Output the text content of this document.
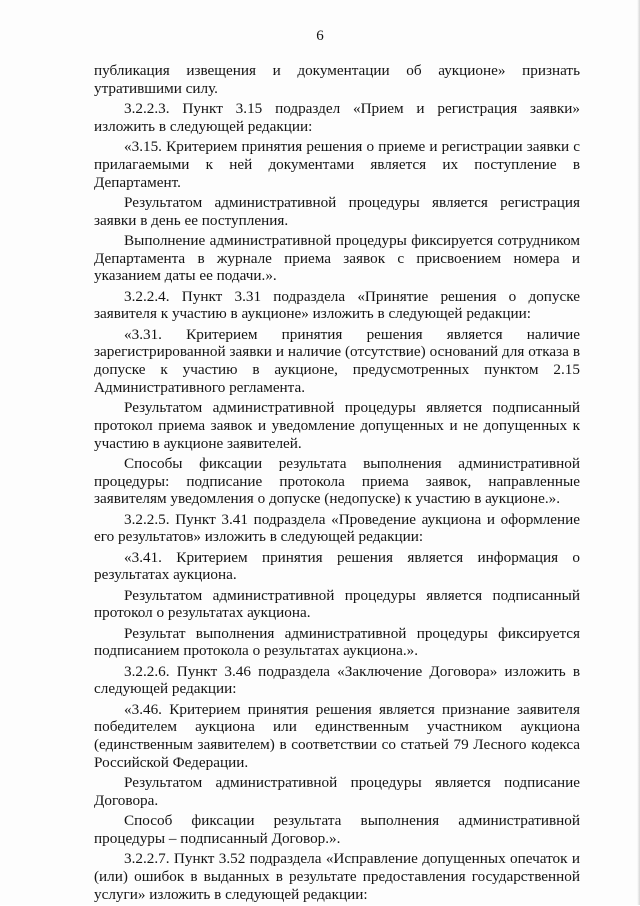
6

публикация извещения и документации об аукционе» признать утратившими силу.

3.2.2.3. Пункт 3.15 подраздел «Прием и регистрация заявки» изложить в следующей редакции:

«3.15. Критерием принятия решения о приеме и регистрации заявки с прилагаемыми к ней документами является их поступление в Департамент.

Результатом административной процедуры является регистрация заявки в день ее поступления.

Выполнение административной процедуры фиксируется сотрудником Департамента в журнале приема заявок с присвоением номера и указанием даты ее подачи.».

3.2.2.4. Пункт 3.31 подраздела «Принятие решения о допуске заявителя к участию в аукционе» изложить в следующей редакции:

«3.31. Критерием принятия решения является наличие зарегистрированной заявки и наличие (отсутствие) оснований для отказа в допуске к участию в аукционе, предусмотренных пунктом 2.15 Административного регламента.

Результатом административной процедуры является подписанный протокол приема заявок и уведомление допущенных и не допущенных к участию в аукционе заявителей.

Способы фиксации результата выполнения административной процедуры: подписание протокола приема заявок, направленные заявителям уведомления о допуске (недопуске) к участию в аукционе.».

3.2.2.5. Пункт 3.41 подраздела «Проведение аукциона и оформление его результатов» изложить в следующей редакции:

«3.41. Критерием принятия решения является информация о результатах аукциона.

Результатом административной процедуры является подписанный протокол о результатах аукциона.

Результат выполнения административной процедуры фиксируется подписанием протокола о результатах аукциона.».

3.2.2.6. Пункт 3.46 подраздела «Заключение Договора» изложить в следующей редакции:

«3.46. Критерием принятия решения является признание заявителя победителем аукциона или единственным участником аукциона (единственным заявителем) в соответствии со статьей 79 Лесного кодекса Российской Федерации.

Результатом административной процедуры является подписание Договора.

Способ фиксации результата выполнения административной процедуры – подписанный Договор.».

3.2.2.7. Пункт 3.52 подраздела «Исправление допущенных опечаток и (или) ошибок в выданных в результате предоставления государственной услуги» изложить в следующей редакции:
